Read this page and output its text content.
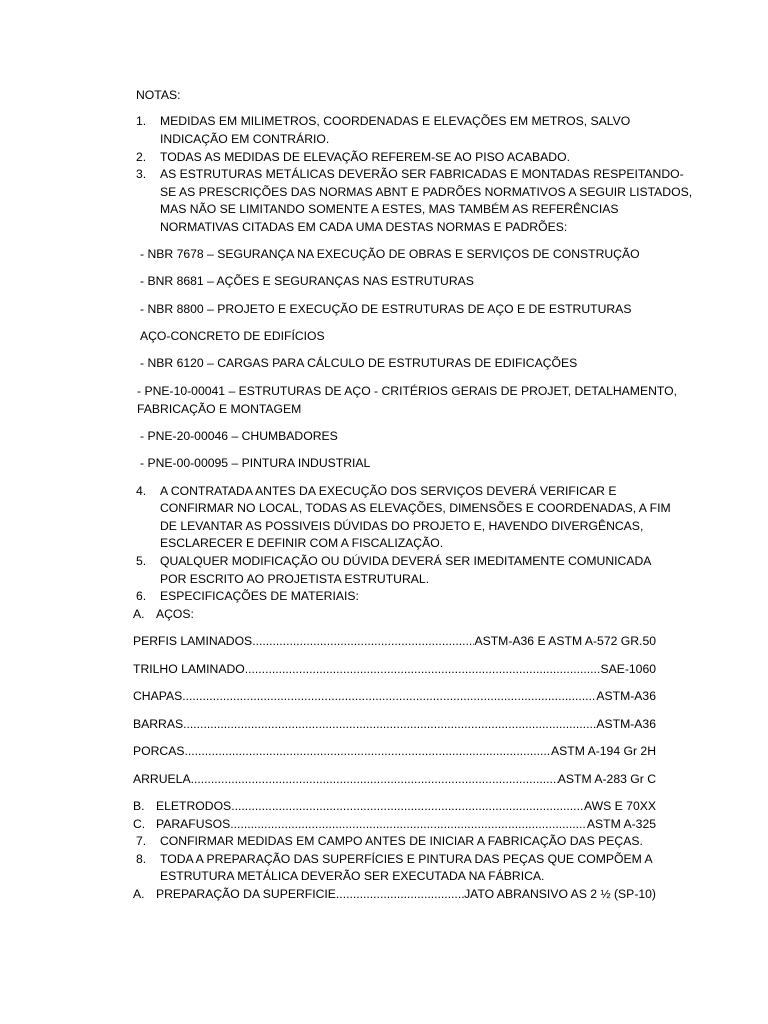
NOTAS:
1. MEDIDAS EM MILIMETROS, COORDENADAS E ELEVAÇÕES EM METROS, SALVO
INDICAÇÃO EM CONTRÁRIO.
2. TODAS AS MEDIDAS DE ELEVAÇÃO REFEREM-SE AO PISO ACABADO.
3. AS ESTRUTURAS METÁLICAS DEVERÃO SER FABRICADAS E MONTADAS RESPEITANDO-
SE AS PRESCRIÇÕES DAS NORMAS ABNT E PADRÕES NORMATIVOS A SEGUIR LISTADOS,
MAS NÃO SE LIMITANDO SOMENTE A ESTES, MAS TAMBÉM AS REFERÊNCIAS
NORMATIVAS CITADAS EM CADA UMA DESTAS NORMAS E PADRÕES:
- NBR 7678 – SEGURANÇA NA EXECUÇÃO DE OBRAS E SERVIÇOS DE CONSTRUÇÃO
- BNR 8681 – AÇÕES E SEGURANÇAS NAS ESTRUTURAS
- NBR 8800 – PROJETO E EXECUÇÃO DE ESTRUTURAS DE AÇO E DE ESTRUTURAS
AÇO-CONCRETO DE EDIFÍCIOS
- NBR 6120 – CARGAS PARA CÁLCULO DE ESTRUTURAS DE EDIFICAÇÕES
- PNE-10-00041 – ESTRUTURAS DE AÇO - CRITÉRIOS GERAIS DE PROJET, DETALHAMENTO,
FABRICAÇÃO E MONTAGEM
- PNE-20-00046 – CHUMBADORES
- PNE-00-00095 – PINTURA INDUSTRIAL
4. A CONTRATADA ANTES DA EXECUÇÃO DOS SERVIÇOS DEVERÁ VERIFICAR E
CONFIRMAR NO LOCAL, TODAS AS ELEVAÇÕES, DIMENSÕES E COORDENADAS, A FIM
DE LEVANTAR AS POSSIVEIS DÚVIDAS DO PROJETO E, HAVENDO DIVERGÊNCAS,
ESCLARECER E DEFINIR COM A FISCALIZAÇÃO.
5. QUALQUER MODIFICAÇÃO OU DÚVIDA DEVERÁ SER IMEDITAMENTE COMUNICADA
POR ESCRITO AO PROJETISTA ESTRUTURAL.
6. ESPECIFICAÇÕES DE MATERIAIS:
A. AÇOS:
PERFIS LAMINADOS .....	ASTM-A36 E ASTM A-572 GR.50
TRILHO LAMINADO .....	SAE-1060
CHAPAS .....	ASTM-A36
BARRAS .....	ASTM-A36
PORCAS .....	ASTM A-194 Gr 2H
ARRUELA .....	ASTM A-283 Gr C
B. ELETRODOS .....	AWS E 70XX
C. PARAFUSOS .....	ASTM A-325
7. CONFIRMAR MEDIDAS EM CAMPO ANTES DE INICIAR A FABRICAÇÃO DAS PEÇAS.
8. TODA A PREPARAÇÃO DAS SUPERFÍCIES E PINTURA DAS PEÇAS QUE COMPÕEM A
ESTRUTURA METÁLICA DEVERÃO SER EXECUTADA NA FÁBRICA.
A. PREPARAÇÃO DA SUPERFICIE .....	JATO ABRANSIVO AS 2 ½ (SP-10)
